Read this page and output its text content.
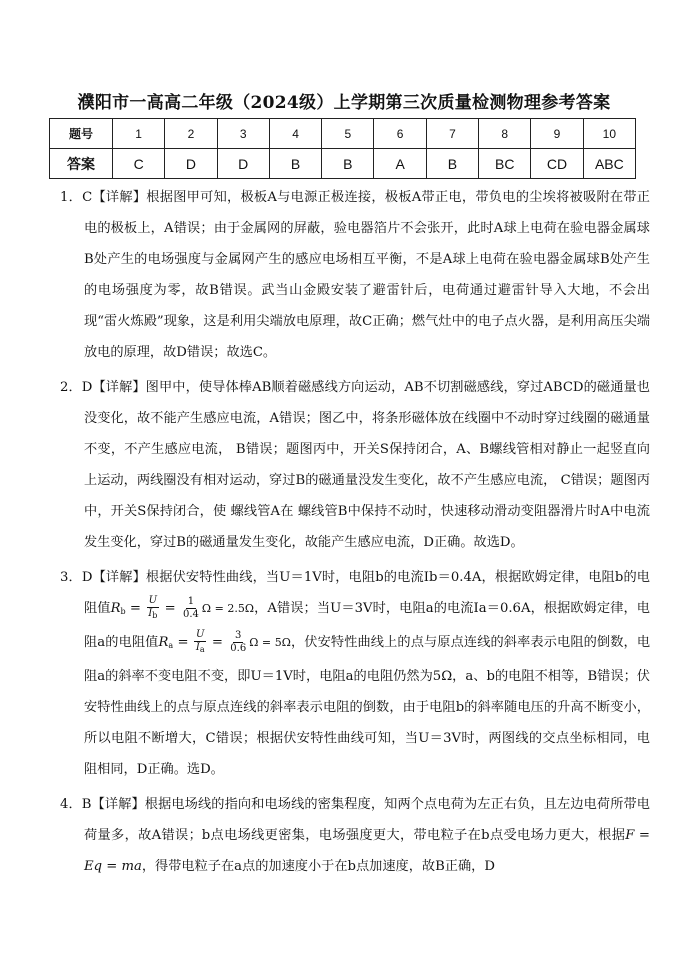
濮阳市一高高二年级（2024级）上学期第三次质量检测物理参考答案
题号	1	2	3	4	5	6	7	8	9	10
答案	C	D	D	B	B	A	B	BC	CD	ABC

1．C【详解】根据图甲可知，极板A与电源正极连接，极板A带正电，带负电的尘埃将被吸附在带正电的极板上，A错误；由于金属网的屏蔽，验电器箔片不会张开，此时A球上电荷在验电器金属球B处产生的电场强度与金属网产生的感应电场相互平衡，不是A球上电荷在验电器金属球B处产生的电场强度为零，故B错误。武当山金殿安装了避雷针后，电荷通过避雷针导入大地，不会出现“雷火炼殿”现象，这是利用尖端放电原理，故C正确；燃气灶中的电子点火器，是利用高压尖端放电的原理，故D错误；故选C。

2．D【详解】图甲中，使导体棒AB顺着磁感线方向运动，AB不切割磁感线，穿过ABCD的磁通量也没变化，故不能产生感应电流，A错误；图乙中，将条形磁体放在线圈中不动时穿过线圈的磁通量不变，不产生感应电流， B错误；题图丙中，开关S保持闭合，A、B螺线管相对静止一起竖直向上运动，两线圈没有相对运动，穿过B的磁通量没发生变化，故不产生感应电流， C错误；题图丙中，开关S保持闭合，使 螺线管A在 螺线管B中保持不动时，快速移动滑动变阻器滑片时A中电流发生变化，穿过B的磁通量发生变化，故能产生感应电流，D正确。故选D。

3．D【详解】根据伏安特性曲线，当U＝1V时，电阻b的电流Ib＝0.4A，根据欧姆定律，电阻b的电阻值$R_b = \frac{U}{I_b} = \frac{1}{0.4}$ Ω = 2.5Ω，A错误；当U＝3V时，电阻a的电流Ia＝0.6A，根据欧姆定律，电阻a的电阻值$R_a = \frac{U}{I_a} = \frac{3}{0.6}$ Ω = 5Ω，伏安特性曲线上的点与原点连线的斜率表示电阻的倒数，电阻a的斜率不变电阻不变，即U＝1V时，电阻a的电阻仍然为5Ω，a、b的电阻不相等，B错误；伏安特性曲线上的点与原点连线的斜率表示电阻的倒数，由于电阻b的斜率随电压的升高不断变小，所以电阻不断增大，C错误；根据伏安特性曲线可知，当U＝3V时，两图线的交点坐标相同，电阻相同，D正确。选D。

4．B【详解】根据电场线的指向和电场线的密集程度，知两个点电荷为左正右负，且左边电荷所带电荷量多，故A错误；b点电场线更密集，电场强度更大，带电粒子在b点受电场力更大，根据F = Eq = ma，得带电粒子在a点的加速度小于在b点加速度，故B正确，D
